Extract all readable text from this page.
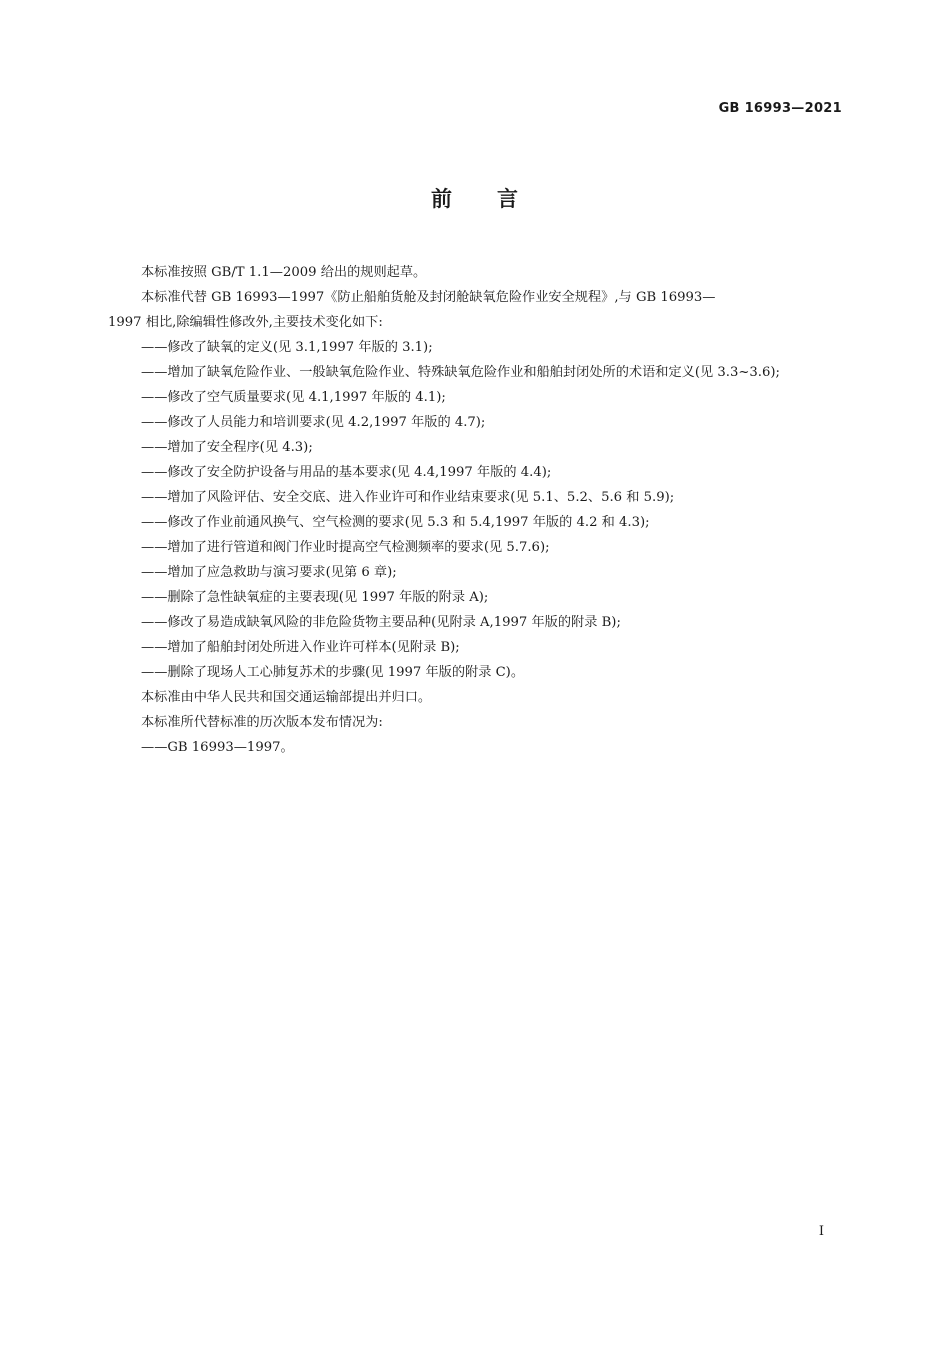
GB 16993—2021
前 言

本标准按照 GB/T 1.1—2009 给出的规则起草。

本标准代替 GB 16993—1997《防止船舶货舱及封闭舱缺氧危险作业安全规程》,与 GB 16993—

1997 相比,除编辑性修改外,主要技术变化如下:

——修改了缺氧的定义(见 3.1,1997 年版的 3.1);

——增加了缺氧危险作业、一般缺氧危险作业、特殊缺氧危险作业和船舶封闭处所的术语和定义(见 3.3~3.6);

——修改了空气质量要求(见 4.1,1997 年版的 4.1);

——修改了人员能力和培训要求(见 4.2,1997 年版的 4.7);

——增加了安全程序(见 4.3);

——修改了安全防护设备与用品的基本要求(见 4.4,1997 年版的 4.4);

——增加了风险评估、安全交底、进入作业许可和作业结束要求(见 5.1、5.2、5.6 和 5.9);

——修改了作业前通风换气、空气检测的要求(见 5.3 和 5.4,1997 年版的 4.2 和 4.3);

——增加了进行管道和阀门作业时提高空气检测频率的要求(见 5.7.6);

——增加了应急救助与演习要求(见第 6 章);

——删除了急性缺氧症的主要表现(见 1997 年版的附录 A);

——修改了易造成缺氧风险的非危险货物主要品种(见附录 A,1997 年版的附录 B);

——增加了船舶封闭处所进入作业许可样本(见附录 B);

——删除了现场人工心肺复苏术的步骤(见 1997 年版的附录 C)。

本标准由中华人民共和国交通运输部提出并归口。

本标准所代替标准的历次版本发布情况为:

——GB 16993—1997。

I
